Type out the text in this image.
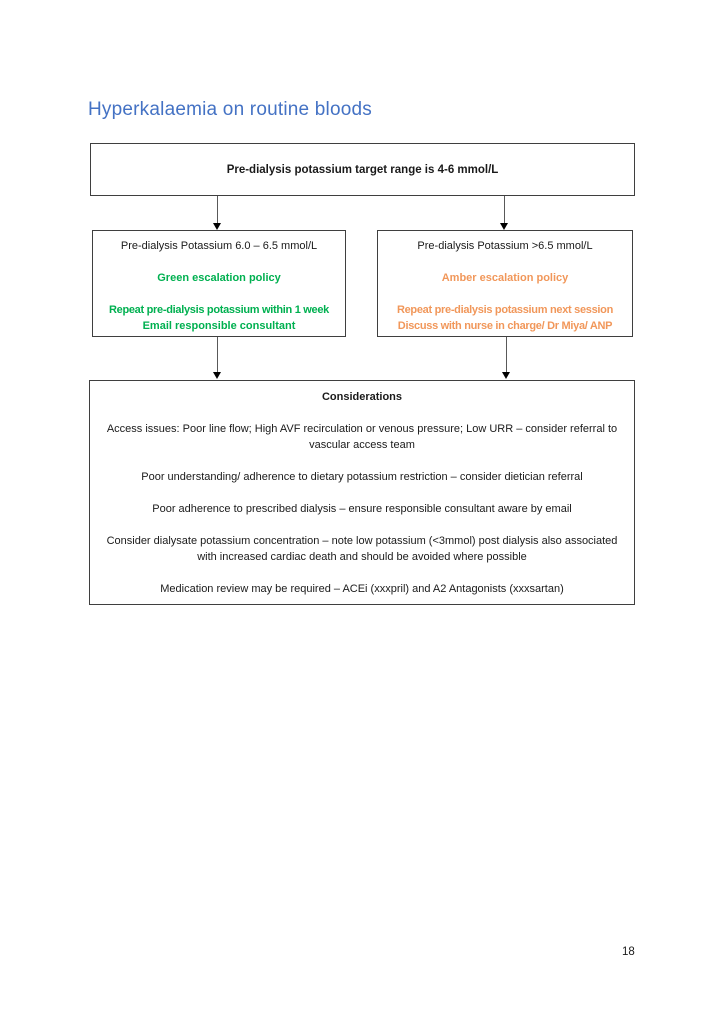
Hyperkalaemia on routine bloods
Pre-dialysis potassium target range is 4-6 mmol/L
Pre-dialysis Potassium 6.0 – 6.5 mmol/L
Green escalation policy
Repeat pre-dialysis potassium within 1 week
Email responsible consultant
Pre-dialysis Potassium >6.5 mmol/L
Amber escalation policy
Repeat pre-dialysis potassium next session
Discuss with nurse in charge/ Dr Miya/ ANP
Considerations
Access issues: Poor line flow; High AVF recirculation or venous pressure; Low URR – consider referral to vascular access team
Poor understanding/ adherence to dietary potassium restriction – consider dietician referral
Poor adherence to prescribed dialysis – ensure responsible consultant aware by email
Consider dialysate potassium concentration – note low potassium (<3mmol) post dialysis also associated with increased cardiac death and should be avoided where possible
Medication review may be required – ACEi (xxxpril) and A2 Antagonists (xxxsartan)
18
